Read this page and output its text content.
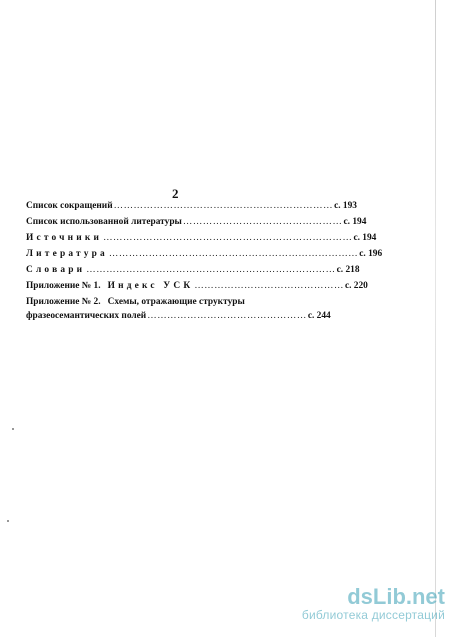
2
Список сокращений ………………………………………………………… с. 193
Список использованной литературы ………………………………………… с. 194
Источники ………………………………………………………………… с. 194
Литература ………………………………………………………………… с. 196
Словари ………………………………………………………………… с. 218
Приложение № 1. Индекс УСК ……………………………………… с. 220
Приложение № 2. Схемы, отражающие структуры
фразеосемантических полей ………………………………………… с. 244
dsLib.net
библиотека диссертаций
